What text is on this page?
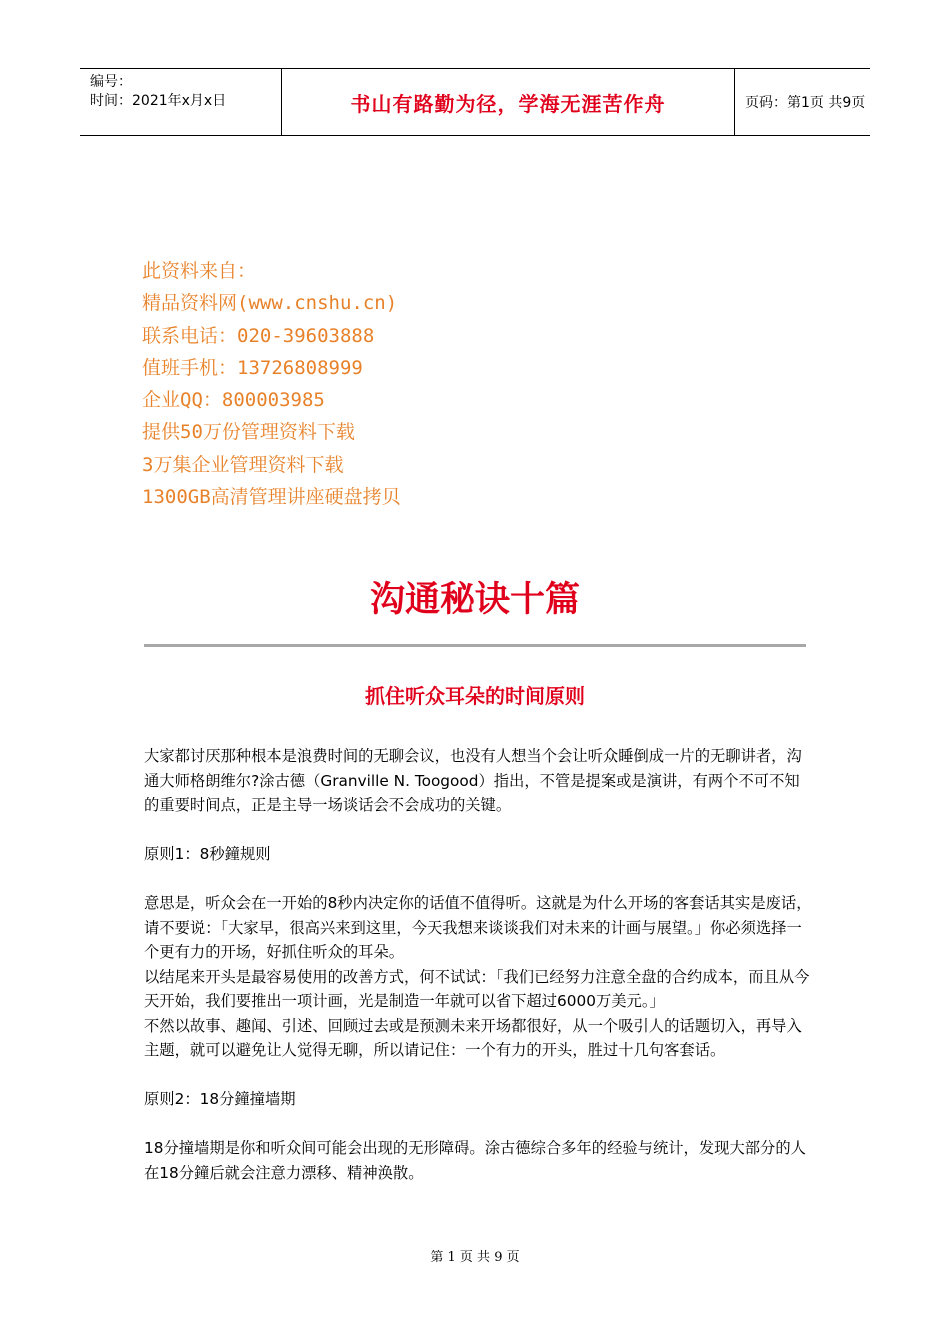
编号：
时间：2021年x月x日	书山有路勤为径，学海无涯苦作舟	页码：第1页 共9页
此资料来自：
精品资料网(www.cnshu.cn)
联系电话：020-39603888
值班手机：13726808999
企业QQ：800003985
提供50万份管理资料下载
3万集企业管理资料下载
1300GB高清管理讲座硬盘拷贝
沟通秘诀十篇
抓住听众耳朵的时间原则

大家都讨厌那种根本是浪费时间的无聊会议，也没有人想当个会让听众睡倒成一片的无聊讲者，沟通大师格朗维尔?涂古德（Granville N. Toogood）指出，不管是提案或是演讲，有两个不可不知的重要时间点，正是主导一场谈话会不会成功的关键。

原则1：8秒鐘规则

意思是，听众会在一开始的8秒内决定你的话值不值得听。这就是为什么开场的客套话其实是废话，请不要说：「大家早，很高兴来到这里，今天我想来谈谈我们对未来的计画与展望。」你必须选择一个更有力的开场，好抓住听众的耳朵。

以结尾来开头是最容易使用的改善方式，何不试试：「我们已经努力注意全盘的合约成本，而且从今天开始，我们要推出一项计画，光是制造一年就可以省下超过6000万美元。」

不然以故事、趣闻、引述、回顾过去或是预测未来开场都很好，从一个吸引人的话题切入，再导入主题，就可以避免让人觉得无聊，所以请记住：一个有力的开头，胜过十几句客套话。

原则2：18分鐘撞墙期

18分撞墙期是你和听众间可能会出现的无形障碍。涂古德综合多年的经验与统计，发现大部分的人在18分鐘后就会注意力漂移、精神涣散。

第 1 页 共 9 页
